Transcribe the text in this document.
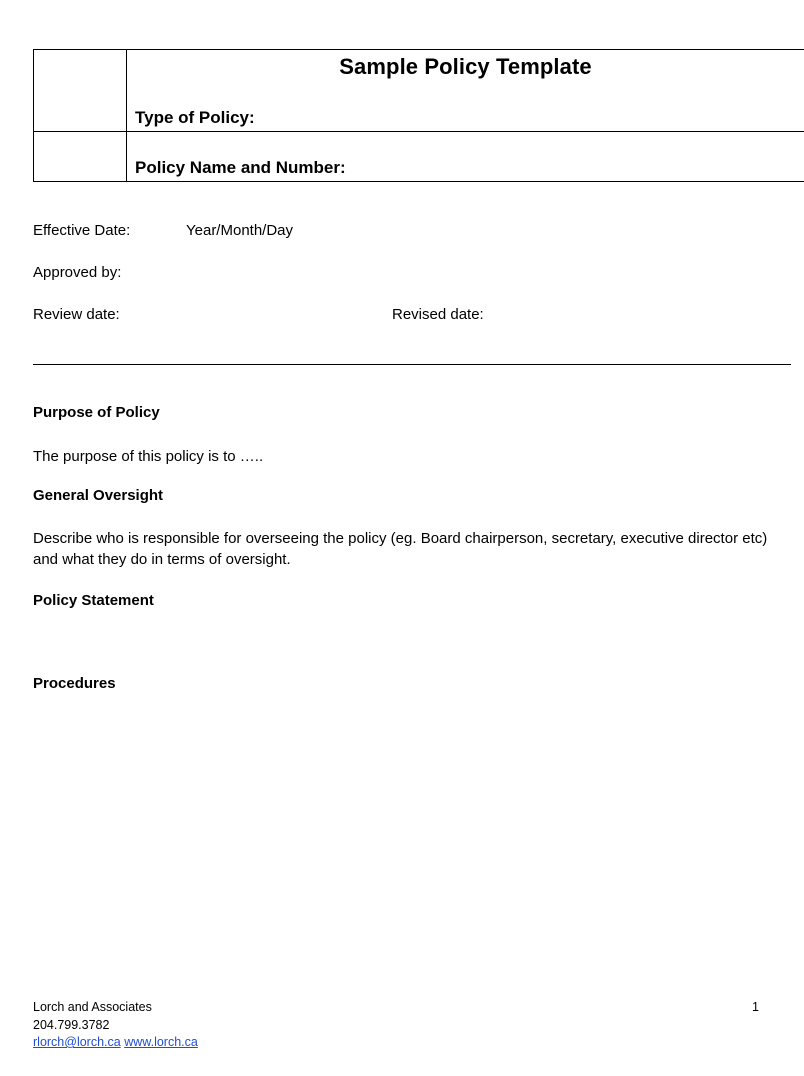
Sample Policy Template
Type of Policy:
Policy Name and Number:
Effective Date:	Year/Month/Day
Approved by:
Review date:	Revised date:
Purpose of Policy
The purpose of this policy is to …..
General Oversight
Describe who is responsible for overseeing the policy (eg. Board chairperson, secretary, executive director etc)
and what they do in terms of oversight.
Policy Statement
Procedures
Lorch and Associates
204.799.3782
rlorch@lorch.ca www.lorch.ca
1
